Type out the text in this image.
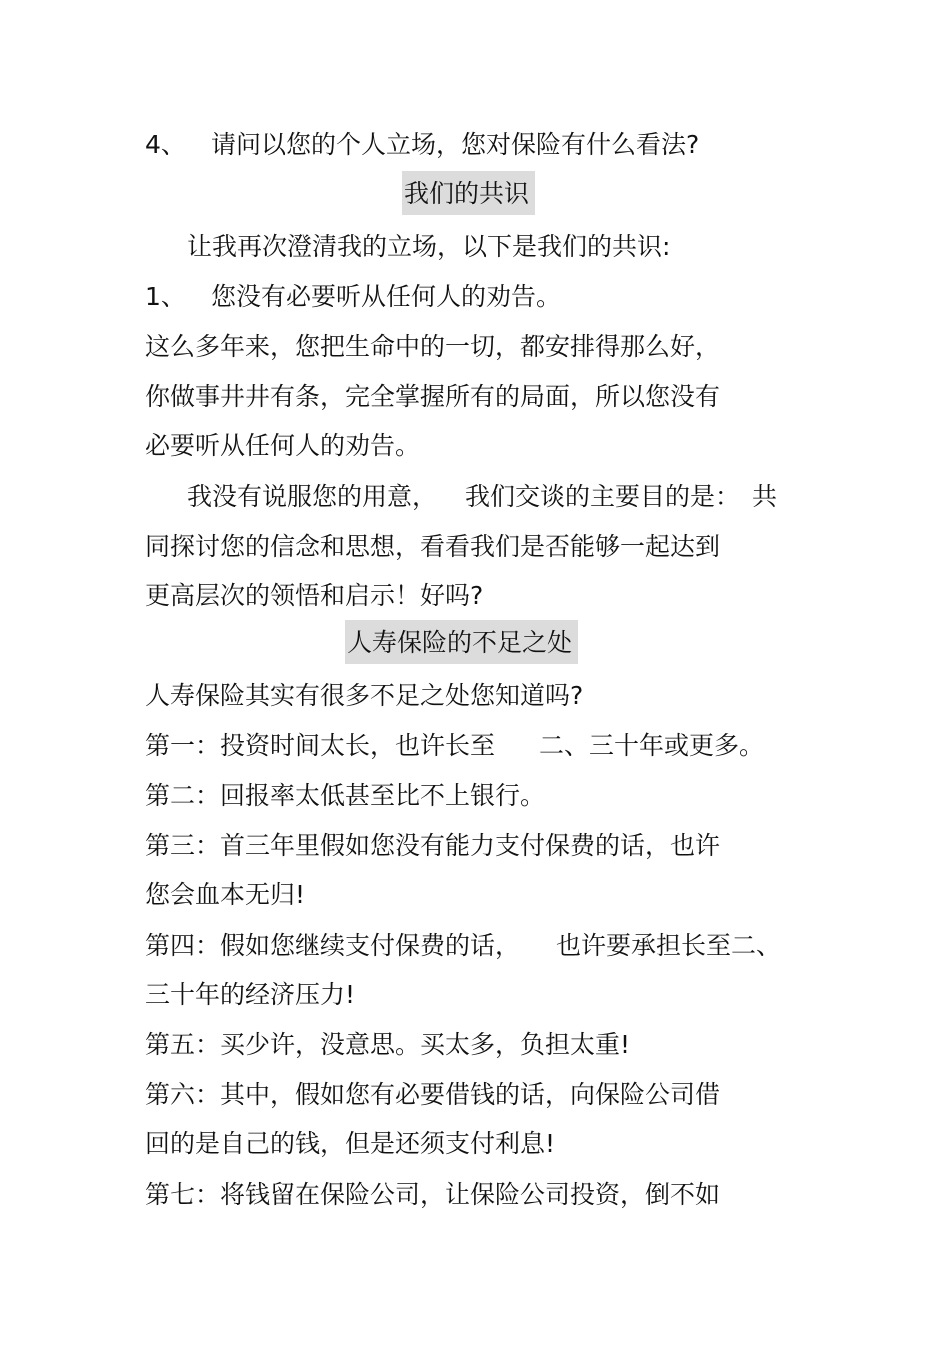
4、 请问以您的个人立场，您对保险有什么看法?
我们的共识
让我再次澄清我的立场，以下是我们的共识:
1、 您没有必要听从任何人的劝告。
这么多年来，您把生命中的一切，都安排得那么好，
你做事井井有条，完全掌握所有的局面，所以您没有
必要听从任何人的劝告。
我没有说服您的用意， 我们交谈的主要目的是： 共
同探讨您的信念和思想，看看我们是否能够一起达到
更高层次的领悟和启示！好吗?
人寿保险的不足之处
人寿保险其实有很多不足之处您知道吗?
第一：投资时间太长，也许长至 二、三十年或更多。
第二：回报率太低甚至比不上银行。
第三：首三年里假如您没有能力支付保费的话，也许
您会血本无归!
第四：假如您继续支付保费的话， 也许要承担长至二、
三十年的经济压力!
第五：买少许，没意思。买太多，负担太重!
第六：其中，假如您有必要借钱的话，向保险公司借
回的是自己的钱，但是还须支付利息!
第七：将钱留在保险公司，让保险公司投资，倒不如
